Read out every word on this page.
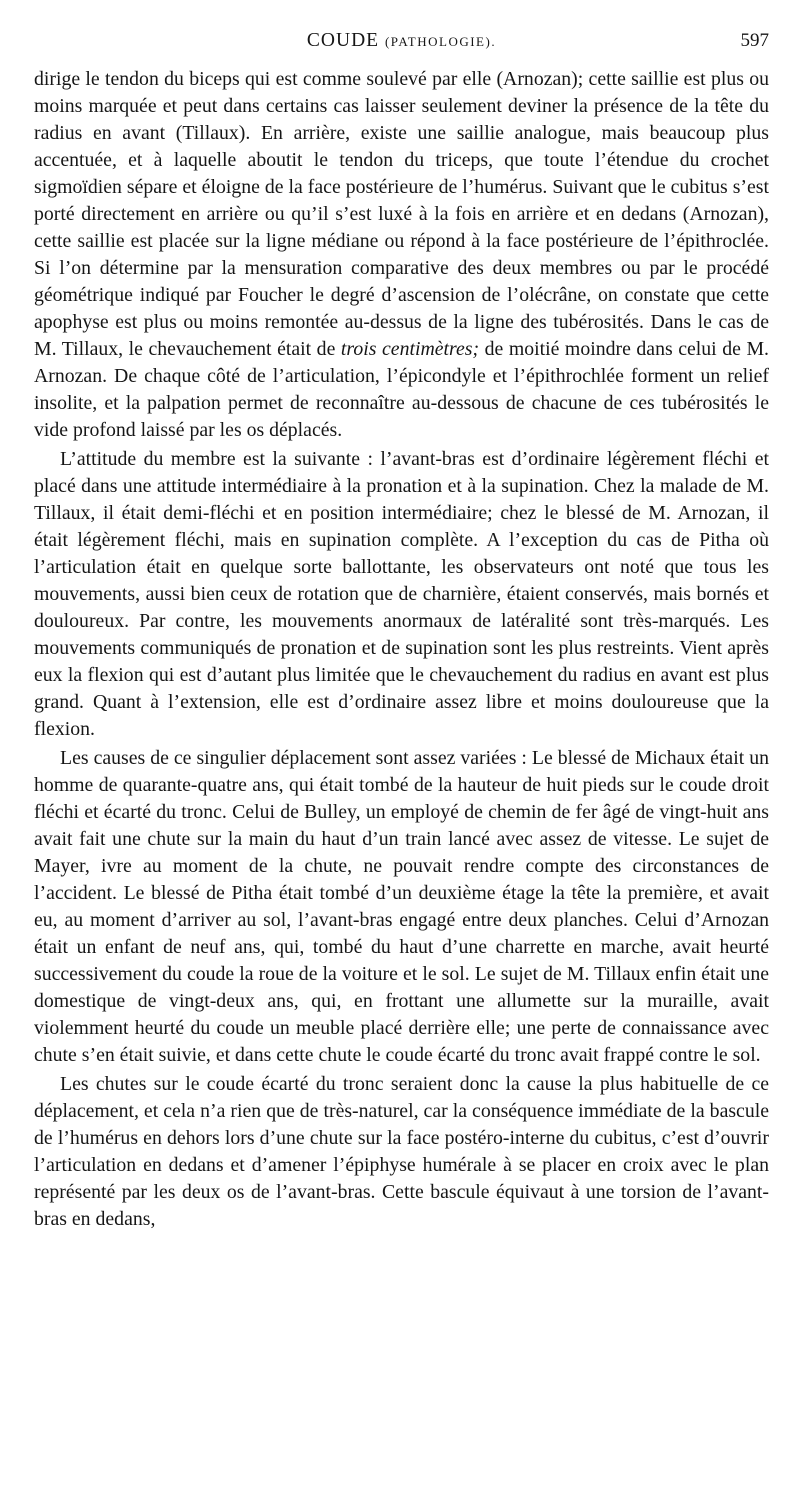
COUDE (PATHOLOGIE).	597

dirige le tendon du biceps qui est comme soulevé par elle (Arnozan); cette saillie est plus ou moins marquée et peut dans certains cas laisser seulement deviner la présence de la tête du radius en avant (Tillaux). En arrière, existe une saillie analogue, mais beaucoup plus accentuée, et à laquelle aboutit le tendon du triceps, que toute l’étendue du crochet sigmoïdien sépare et éloigne de la face postérieure de l’humérus. Suivant que le cubitus s’est porté directement en arrière ou qu’il s’est luxé à la fois en arrière et en dedans (Arnozan), cette saillie est placée sur la ligne médiane ou répond à la face postérieure de l’épithroclée. Si l’on détermine par la mensuration comparative des deux membres ou par le procédé géométrique indiqué par Foucher le degré d’ascension de l’olécrâne, on constate que cette apophyse est plus ou moins remontée au-dessus de la ligne des tubérosités. Dans le cas de M. Tillaux, le chevauchement était de trois centimètres; de moitié moindre dans celui de M. Arnozan. De chaque côté de l’articulation, l’épicondyle et l’épithrochlée forment un relief insolite, et la palpation permet de reconnaître au-dessous de chacune de ces tubérosités le vide profond laissé par les os déplacés.

L’attitude du membre est la suivante : l’avant-bras est d’ordinaire légèrement fléchi et placé dans une attitude intermédiaire à la pronation et à la supination. Chez la malade de M. Tillaux, il était demi-fléchi et en position intermédiaire; chez le blessé de M. Arnozan, il était légèrement fléchi, mais en supination complète. A l’exception du cas de Pitha où l’articulation était en quelque sorte ballottante, les observateurs ont noté que tous les mouvements, aussi bien ceux de rotation que de charnière, étaient conservés, mais bornés et douloureux. Par contre, les mouvements anormaux de latéralité sont très-marqués. Les mouvements communiqués de pronation et de supination sont les plus restreints. Vient après eux la flexion qui est d’autant plus limitée que le chevauchement du radius en avant est plus grand. Quant à l’extension, elle est d’ordinaire assez libre et moins douloureuse que la flexion.

Les causes de ce singulier déplacement sont assez variées : Le blessé de Michaux était un homme de quarante-quatre ans, qui était tombé de la hauteur de huit pieds sur le coude droit fléchi et écarté du tronc. Celui de Bulley, un employé de chemin de fer âgé de vingt-huit ans avait fait une chute sur la main du haut d’un train lancé avec assez de vitesse. Le sujet de Mayer, ivre au moment de la chute, ne pouvait rendre compte des circonstances de l’accident. Le blessé de Pitha était tombé d’un deuxième étage la tête la première, et avait eu, au moment d’arriver au sol, l’avant-bras engagé entre deux planches. Celui d’Arnozan était un enfant de neuf ans, qui, tombé du haut d’une charrette en marche, avait heurté successivement du coude la roue de la voiture et le sol. Le sujet de M. Tillaux enfin était une domestique de vingt-deux ans, qui, en frottant une allumette sur la muraille, avait violemment heurté du coude un meuble placé derrière elle; une perte de connaissance avec chute s’en était suivie, et dans cette chute le coude écarté du tronc avait frappé contre le sol.

Les chutes sur le coude écarté du tronc seraient donc la cause la plus habituelle de ce déplacement, et cela n’a rien que de très-naturel, car la conséquence immédiate de la bascule de l’humérus en dehors lors d’une chute sur la face postéro-interne du cubitus, c’est d’ouvrir l’articulation en dedans et d’amener l’épiphyse humérale à se placer en croix avec le plan représenté par les deux os de l’avant-bras. Cette bascule équivaut à une torsion de l’avant-bras en dedans,
